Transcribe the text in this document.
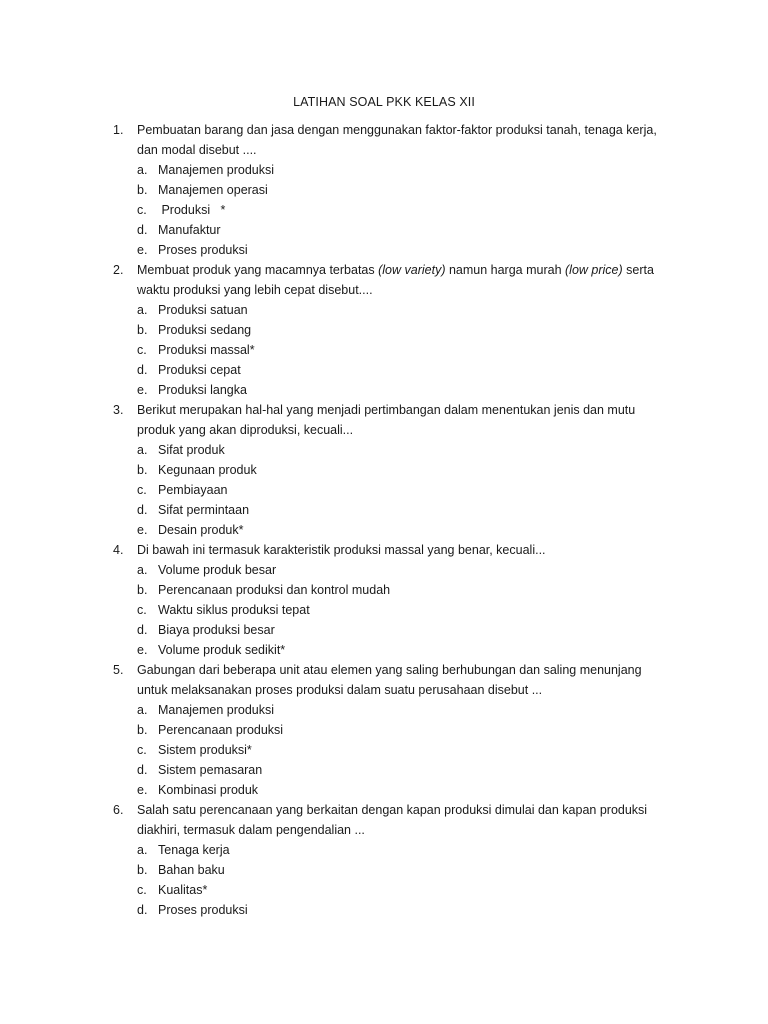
LATIHAN SOAL PKK KELAS XII
1. Pembuatan barang dan jasa dengan menggunakan faktor-faktor produksi tanah, tenaga kerja,
dan modal disebut ....
a. Manajemen produksi
b. Manajemen operasi
c. Produksi   *
d. Manufaktur
e. Proses produksi
2. Membuat produk yang macamnya terbatas (low variety) namun harga murah (low price) serta
waktu produksi yang lebih cepat disebut....
a. Produksi satuan
b. Produksi sedang
c. Produksi massal*
d. Produksi cepat
e. Produksi langka
3. Berikut merupakan hal-hal yang menjadi pertimbangan dalam menentukan jenis dan mutu
produk yang akan diproduksi, kecuali...
a. Sifat produk
b. Kegunaan produk
c. Pembiayaan
d. Sifat permintaan
e. Desain produk*
4. Di bawah ini termasuk karakteristik produksi massal yang benar, kecuali...
a. Volume produk besar
b. Perencanaan produksi dan kontrol mudah
c. Waktu siklus produksi tepat
d. Biaya produksi besar
e. Volume produk sedikit*
5. Gabungan dari beberapa unit atau elemen yang saling berhubungan dan saling menunjang
untuk melaksanakan proses produksi dalam suatu perusahaan disebut ...
a. Manajemen produksi
b. Perencanaan produksi
c. Sistem produksi*
d. Sistem pemasaran
e. Kombinasi produk
6. Salah satu perencanaan yang berkaitan dengan kapan produksi dimulai dan kapan produksi
diakhiri, termasuk dalam pengendalian ...
a. Tenaga kerja
b. Bahan baku
c. Kualitas*
d. Proses produksi
